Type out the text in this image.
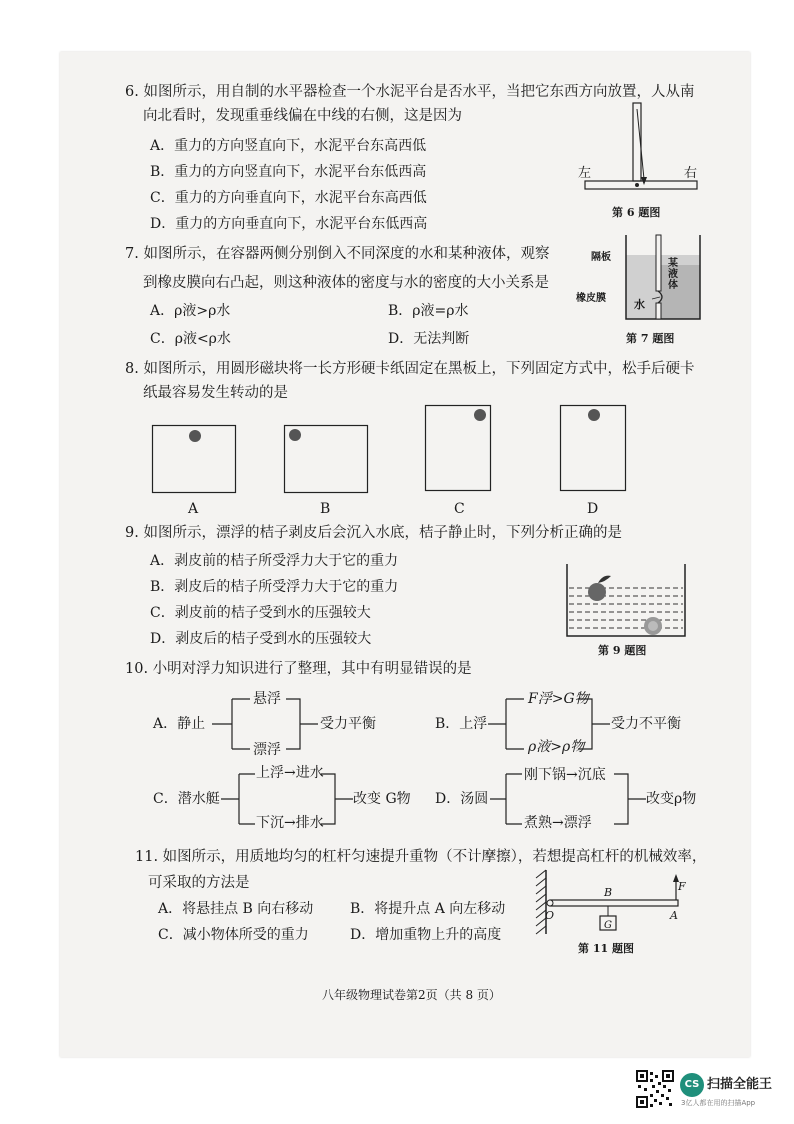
6. 如图所示，用自制的水平器检查一个水泥平台是否水平，当把它东西方向放置，人从南
向北看时，发现重垂线偏在中线的右侧，这是因为
A．重力的方向竖直向下，水泥平台东高西低
B．重力的方向竖直向下，水泥平台东低西高
C．重力的方向垂直向下，水泥平台东高西低
D．重力的方向垂直向下，水泥平台东低西高
左	右
第 6 题图
7. 如图所示，在容器两侧分别倒入不同深度的水和某种液体，观察
到橡皮膜向右凸起，则这种液体的密度与水的密度的大小关系是
A．ρ液>ρ水	B．ρ液=ρ水
C．ρ液<ρ水	D．无法判断
隔板
橡皮膜	水
某液体
第 7 题图
8. 如图所示，用圆形磁块将一长方形硬卡纸固定在黑板上，下列固定方式中，松手后硬卡
纸最容易发生转动的是
A	B	C	D
9. 如图所示，漂浮的桔子剥皮后会沉入水底，桔子静止时，下列分析正确的是
A．剥皮前的桔子所受浮力大于它的重力
B．剥皮后的桔子所受浮力大于它的重力
C．剥皮前的桔子受到水的压强较大
D．剥皮后的桔子受到水的压强较大
第 9 题图
10. 小明对浮力知识进行了整理，其中有明显错误的是
A．静止
悬浮
漂浮
受力平衡	B．上浮
F浮>G物
ρ液>ρ物
受力不平衡
C．潜水艇
上浮→进水
下沉→排水
改变 G物 D．汤圆
刚下锅→沉底
煮熟→漂浮
改变ρ物
11. 如图所示，用质地均匀的杠杆匀速提升重物（不计摩擦），若想提高杠杆的机械效率，
可采取的方法是
A．将悬挂点 B 向右移动	B．将提升点 A 向左移动
C．减小物体所受的重力	D．增加重物上升的高度
O
B
A
F
G
第 11 题图
八年级物理试卷第2页（共 8 页）
CS 扫描全能王
3亿人都在用的扫描App
